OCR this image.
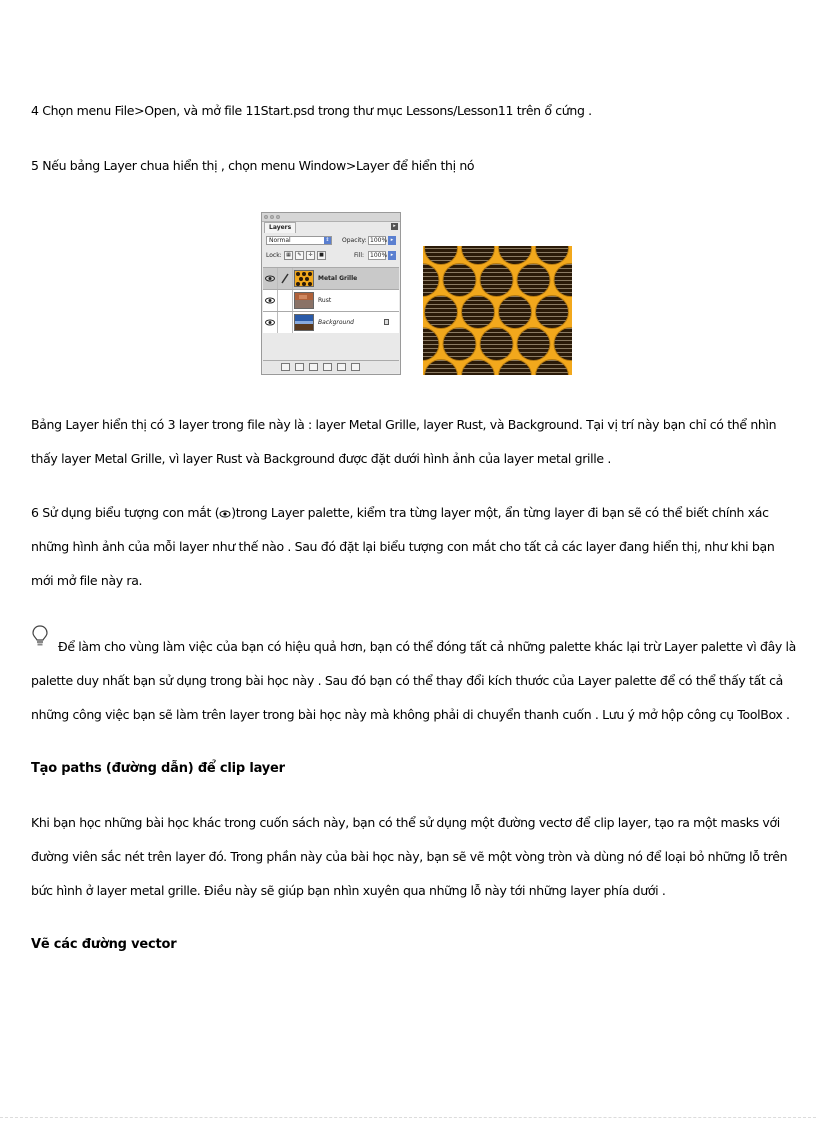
4 Chọn menu File>Open, và mở file 11Start.psd trong thư mục Lessons/Lesson11 trên ổ cứng .
5 Nếu bảng Layer chua hiển thị , chọn menu Window>Layer để hiển thị nó
Layers	▸
Normal	⇕ Opacity: 100% ▸
Lock: ▦	✎	✛	■	Fill: 100% ▸
Metal Grille
Rust
Background
Bảng Layer hiển thị có 3 layer trong file này là : layer Metal Grille, layer Rust, và Background. Tại vị trí này bạn chỉ có thể nhìn
thấy layer Metal Grille, vì layer Rust và Background được đặt dưới hình ảnh của layer metal grille .
6 Sử dụng biểu tượng con mắt ( )trong Layer palette, kiểm tra từng layer một, ẩn từng layer đi bạn sẽ có thể biết chính xác
những hình ảnh của mỗi layer như thế nào . Sau đó đặt lại biểu tượng con mắt cho tất cả các layer đang hiển thị, như khi bạn
mới mở file này ra.
Để làm cho vùng làm việc của bạn có hiệu quả hơn, bạn có thể đóng tất cả những palette khác lại trừ Layer palette vì đây là
palette duy nhất bạn sử dụng trong bài học này . Sau đó bạn có thể thay đổi kích thước của Layer palette để có thể thấy tất cả
những công việc bạn sẽ làm trên layer trong bài học này mà không phải di chuyển thanh cuốn . Lưu ý mở hộp công cụ ToolBox .
Tạo paths (đường dẫn) để clip layer
Khi bạn học những bài học khác trong cuốn sách này, bạn có thể sử dụng một đường vectơ để clip layer, tạo ra một masks với
đường viên sắc nét trên layer đó. Trong phần này của bài học này, bạn sẽ vẽ một vòng tròn và dùng nó để loại bỏ những lỗ trên
bức hình ở layer metal grille. Điều này sẽ giúp bạn nhìn xuyên qua những lỗ này tới những layer phía dưới .
Vẽ các đường vector
